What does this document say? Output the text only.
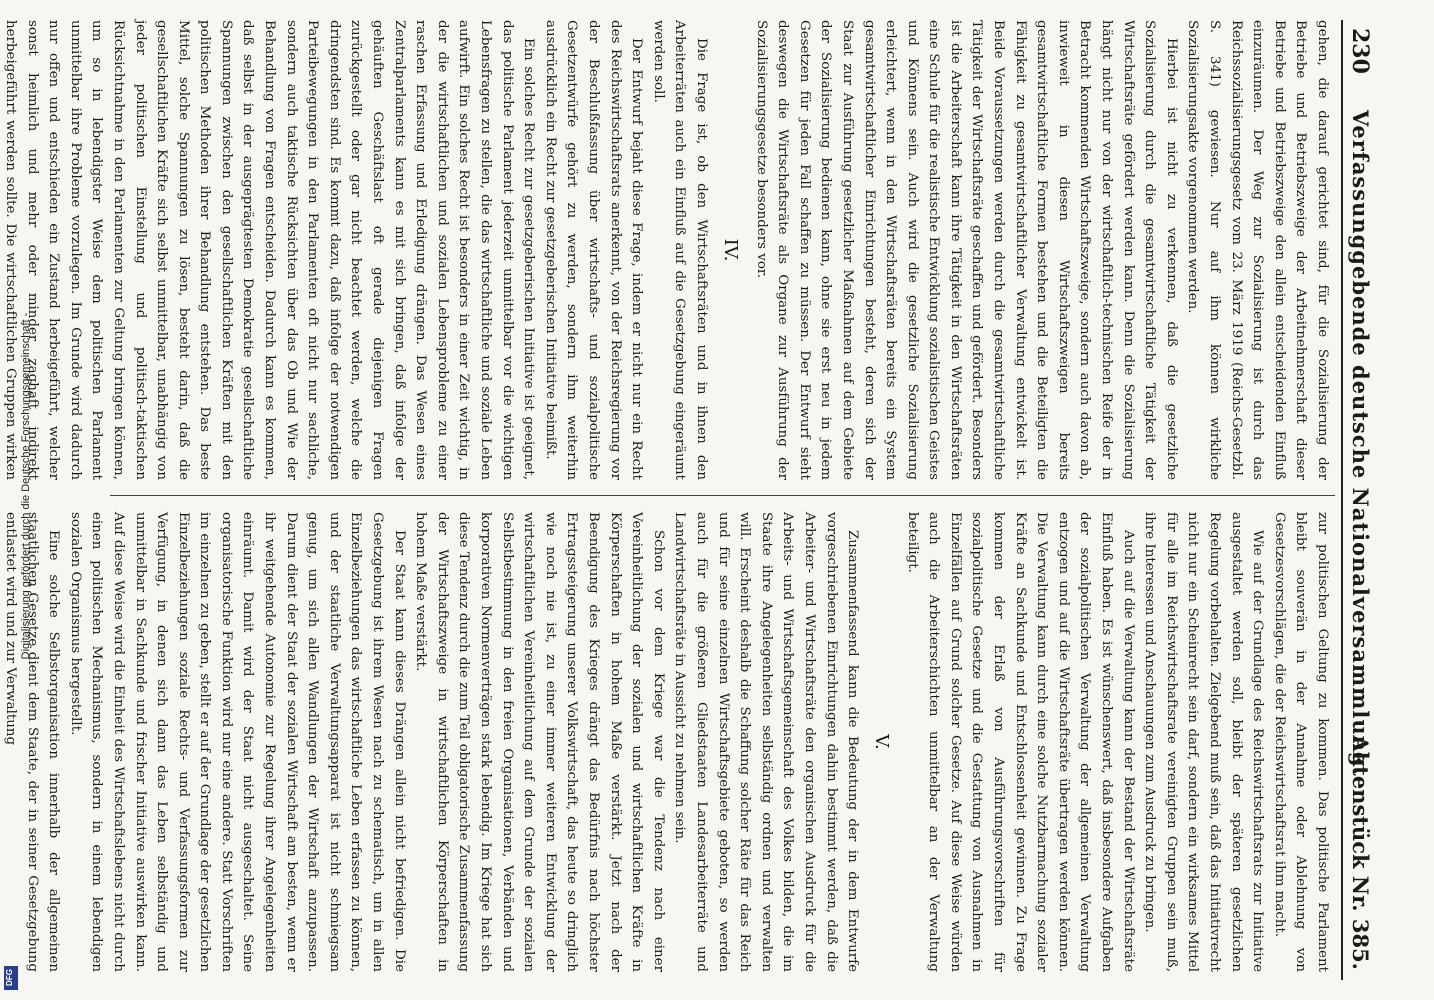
Digitalisierung gefördert durch die Deutsche Forschungsgemeinschaft -
DFG
230
Verfassunggebende deutsche Nationalversammlung.
Aktenstück Nr. 385.

gehen, die darauf gerichtet sind, für die Sozialisierung der Betriebe und Betriebszweige der Arbeitnehmerschaft dieser Betriebe und Betriebszweige den allein entscheidenden Einfluß einzuräumen. Der Weg zur Sozialisierung ist durch das Reichssozialisierungsgesetz vom 23. März 1919 (Reichs-Gesetzbl. S. 341) gewiesen. Nur auf ihm können wirkliche Sozialisierungsakte vorgenommen werden.

Hierbei ist nicht zu verkennen, daß die gesetzliche Sozialisierung durch die gesamtwirtschaftliche Tätigkeit der Wirtschaftsräte gefördert werden kann. Denn die Sozialisierung hängt nicht nur von der wirtschaftlich-technischen Reife der in Betracht kommenden Wirtschaftszweige, sondern auch davon ab, inwieweit in diesen Wirtschaftszweigen bereits gesamtwirtschaftliche Formen bestehen und die Beteiligten die Fähigkeit zu gesamtwirtschaftlicher Verwaltung entwickelt ist. Beide Voraussetzungen werden durch die gesamtwirtschaftliche Tätigkeit der Wirtschaftsräte geschaffen und gefördert. Besonders ist die Arbeiterschaft kann ihre Tätigkeit in den Wirtschaftsräten eine Schule für die realistische Entwicklung sozialistischen Geistes und Könnens sein. Auch wird die gesetzliche Sozialisierung erleichtert, wenn in den Wirtschaftsräten bereits ein System gesamtwirtschaftlicher Einrichtungen besteht, deren sich der Staat zur Ausführung gesetzlicher Maßnahmen auf dem Gebiete der Sozialisierung bedienen kann, ohne sie erst neu in jedem Gesetzen für jeden Fall schaffen zu müssen. Der Entwurf sieht deswegen die Wirtschaftsräte als Organe zur Ausführung der Sozialisierungsgesetze besonders vor.

IV.

Die Frage ist, ob den Wirtschaftsräten und in ihnen den Arbeiterräten auch ein Einfluß auf die Gesetzgebung eingeräumt werden soll.

Der Entwurf bejaht diese Frage, indem er nicht nur ein Recht des Reichswirtschaftsrats anerkennt, von der Reichsregierung vor der Beschlußfassung über wirtschafts- und sozialpolitische Gesetzentwürfe gehört zu werden, sondern ihm weiterhin ausdrücklich ein Recht zur gesetzgeberischen Initiative beimißt.

Ein solches Recht zur gesetzgeberischen Initiative ist geeignet, das politische Parlament jederzeit unmittelbar vor die wichtigen Lebensfragen zu stellen, die das wirtschaftliche und soziale Leben aufwirft. Ein solches Recht ist besonders in einer Zeit wichtig, in der die wirtschaftlichen und sozialen Lebensprobleme zu einer raschen Erfassung und Erledigung drängen. Das Wesen eines Zentralparlaments kann es mit sich bringen, daß infolge der gehäuften Geschäftslast oft gerade diejenigen Fragen zurückgestellt oder gar nicht beachtet werden, welche die dringendsten sind. Es kommt dazu, daß infolge der notwendigen Parteibewegungen in den Parlamenten oft nicht nur sachliche, sondern auch taktische Rücksichten über das Ob und Wie der Behandlung von Fragen entscheiden. Dadurch kann es kommen, daß selbst in der ausgeprägtesten Demokratie gesellschaftliche Spannungen zwischen den gesellschaftlichen Kräften mit den politischen Methoden ihrer Behandlung entstehen. Das beste Mittel, solche Spannungen zu lösen, besteht darin, daß die gesellschaftlichen Kräfte sich selbst unmittelbar, unabhängig von jeder politischen Einstellung und politisch-taktischen Rücksichtnahme in den Parlamenten zur Geltung bringen können, um so in lebendigster Weise dem politischen Parlament unmittelbar ihre Probleme vorzulegen. Im Grunde wird dadurch nur offen und entschieden ein Zustand herbeigeführt, welcher sonst heimlich und mehr oder minder zaghaft indirekt herbeigeführt werden sollte. Die wirtschaftlichen Gruppen wirken

zur politischen Geltung zu kommen. Das politische Parlament bleibt souverän in der Annahme oder Ablehnung von Gesetzesvorschlägen, die der Reichswirtschaftsrat ihm macht.

Wie auf der Grundlage des Reichswirtschaftsrats zur Initiative ausgestaltet werden soll, bleibt der späteren gesetzlichen Regelung vorbehalten. Zielgebend muß sein, daß das Initiativrecht nicht nur ein Scheinrecht sein darf, sondern ein wirksames Mittel für alle im Reichswirtschaftsrate vereinigten Gruppen sein muß, ihre Interessen und Anschauungen zum Ausdruck zu bringen.

Auch auf die Verwaltung kann der Bestand der Wirtschaftsräte Einfluß haben. Es ist wünschenswert, daß insbesondere Aufgaben der sozialpolitischen Verwaltung der allgemeinen Verwaltung entzogen und auf die Wirtschaftsräte übertragen werden können. Die Verwaltung kann durch eine solche Nutzbarmachung sozialer Kräfte an Sachkunde und Entschlossenheit gewinnen. Zu Frage kommen der Erlaß von Ausführungsvorschriften für sozialpolitische Gesetze und die Gestattung von Ausnahmen in Einzelfällen auf Grund solcher Gesetze. Auf diese Weise würden auch die Arbeiterschichten unmittelbar an der Verwaltung beteiligt.

V.

Zusammenfassend kann die Bedeutung der in dem Entwurfe vorgeschriebenen Einrichtungen dahin bestimmt werden, daß die Arbeiter- und Wirtschaftsräte den organischen Ausdruck für die Arbeits- und Wirtschaftsgemeinschaft des Volkes bilden, die im Staate ihre Angelegenheiten selbständig ordnen und verwalten will. Erscheint deshalb die Schaffung solcher Räte für das Reich und für seine einzelnen Wirtschaftsgebiete geboten, so werden auch für die größeren Gliedstaaten Landesarbeiterräte und Landwirtschaftsräte in Aussicht zu nehmen sein.

Schon vor dem Kriege war die Tendenz nach einer Vereinheitlichung der sozialen und wirtschaftlichen Kräfte in Körperschaften in hohem Maße verstärkt. Jetzt nach der Beendigung des Krieges drängt das Bedürfnis nach höchster Ertragssteigerung unserer Volkswirtschaft, das heute so dringlich wie noch nie ist, zu einer immer weiteren Entwicklung der wirtschaftlichen Vereinheitlichung auf dem Grunde der sozialen Selbstbestimmung in den freien Organisationen, Verbänden und korporativen Normenverträgen stark lebendig. Im Kriege hat sich diese Tendenz durch die zum Teil obligatorische Zusammenfassung der Wirtschaftszweige in wirtschaftlichen Körperschaften in hohem Maße verstärkt.

Der Staat kann dieses Drängen allein nicht befriedigen. Die Gesetzgebung ist ihrem Wesen nach zu schematisch, um in allen Einzelbeziehungen das wirtschaftliche Leben erfassen zu können, und der staatliche Verwaltungsapparat ist nicht schmiegsam genug, um sich allen Wandlungen der Wirtschaft anzupassen. Darum dient der Staat der sozialen Wirtschaft am besten, wenn er ihr weitgehende Autonomie zur Regelung ihrer Angelegenheiten einräumt. Damit wird der Staat nicht ausgeschaltet. Seine organisatorische Funktion wird nur eine andere. Statt Vorschriften im einzelnen zu geben, stellt er auf der Grundlage der gesetzlichen Einzelbeziehungen soziale Rechts- und Verfassungsformen zur Verfügung, in denen sich dann das Leben selbständig und unmittelbar in Sachkunde und frischer Initiative auswirken kann. Auf diese Weise wird die Einheit des Wirtschaftslebens nicht durch einen politischen Mechanismus, sondern in einem lebendigen sozialen Organismus hergestellt.

Eine solche Selbstorganisation innerhalb der allgemeinen staatlichen Gesetze dient dem Staate, der in seiner Gesetzgebung entlastet wird und zur Verwaltung
